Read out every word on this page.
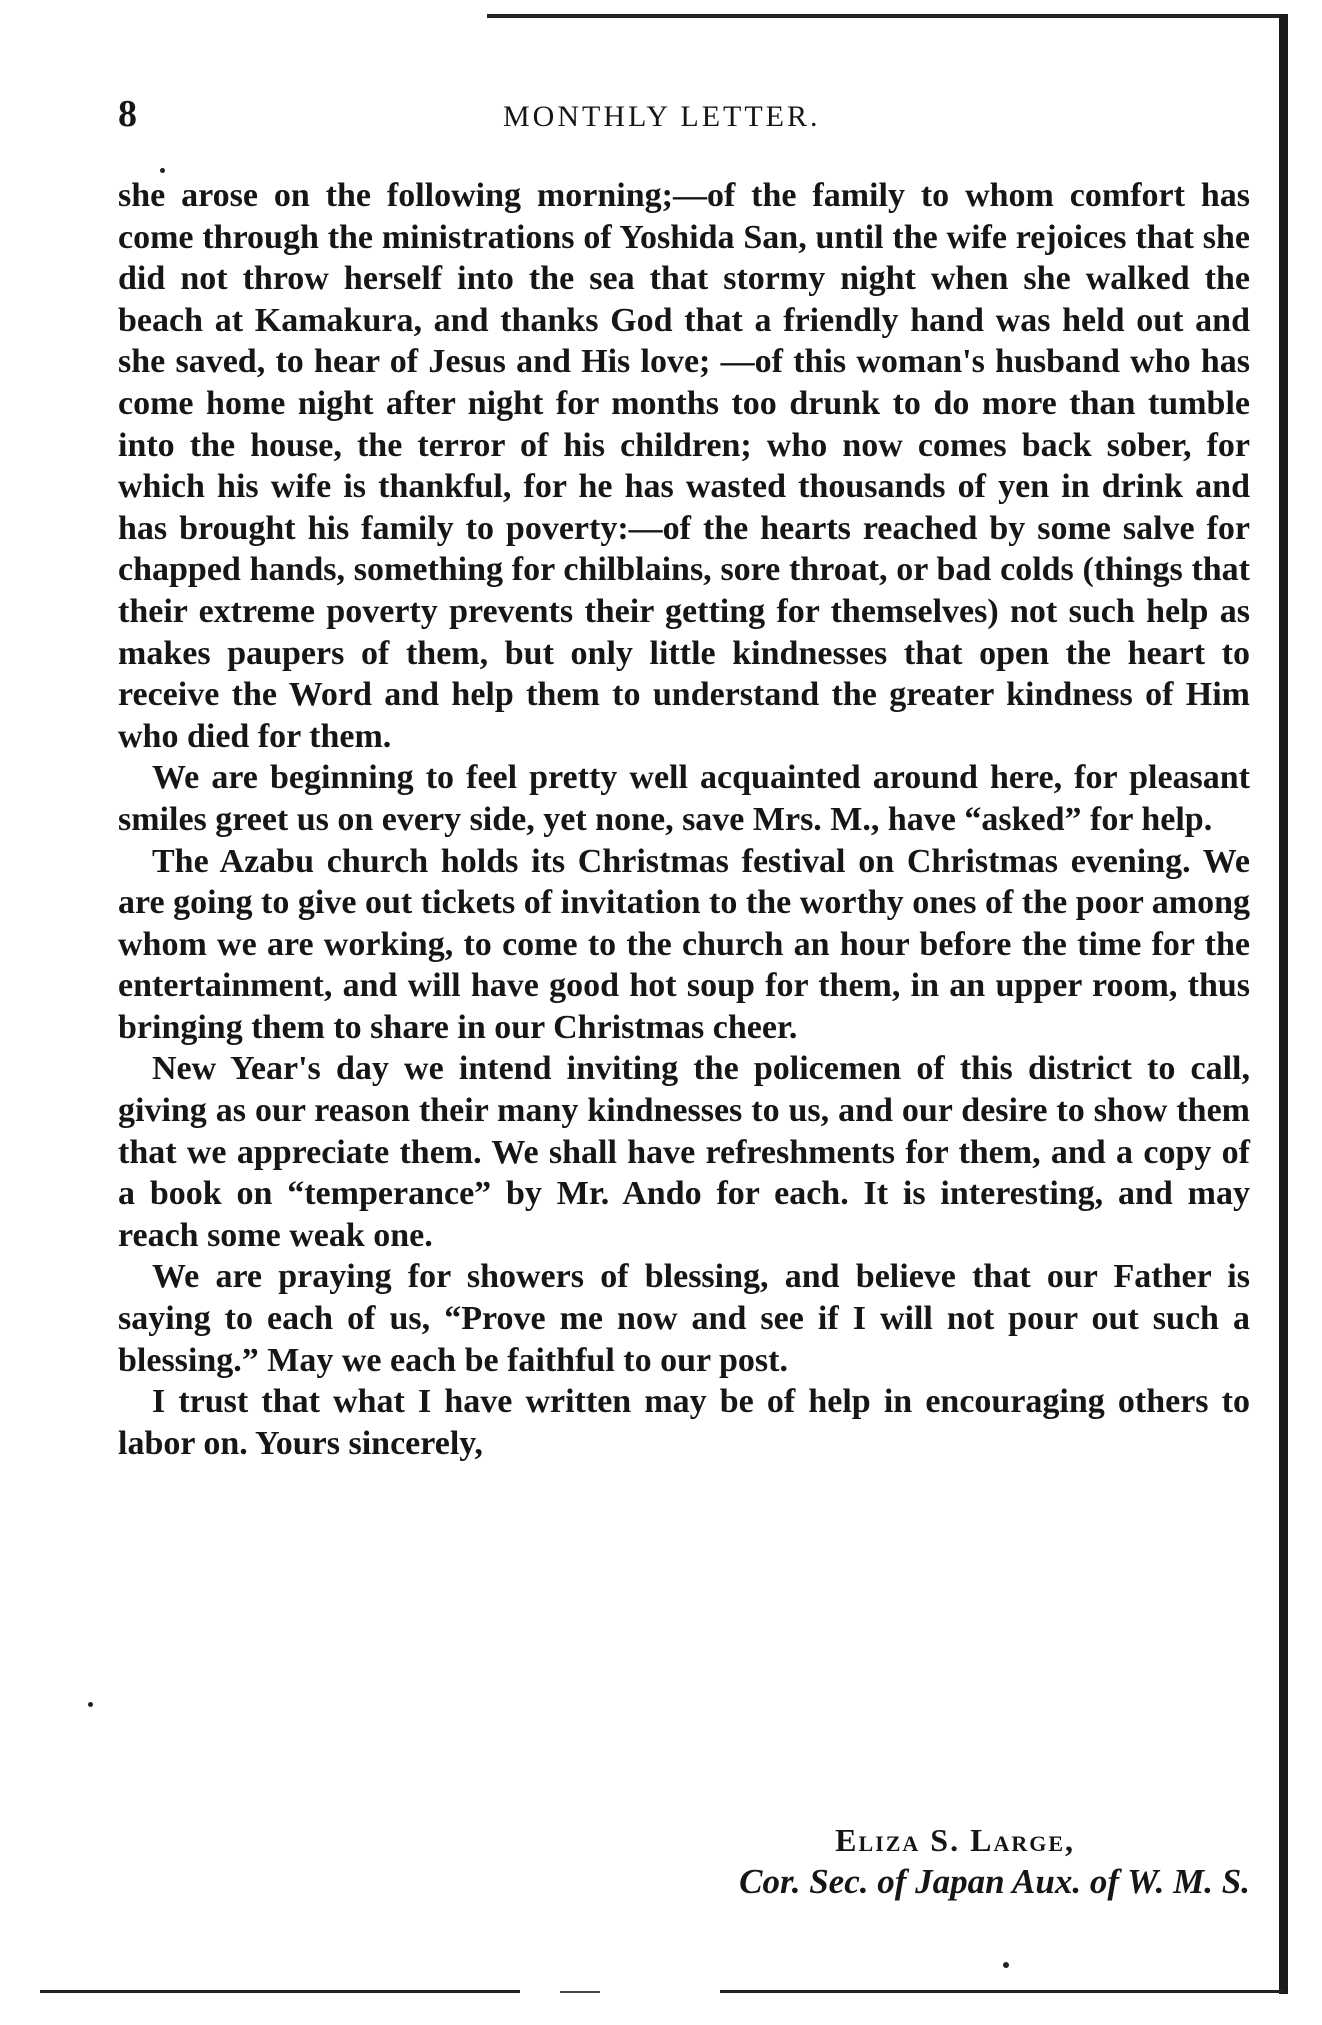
8	MONTHLY LETTER.

she arose on the following morning;—of the family to whom comfort has come through the ministrations of Yoshida San, until the wife rejoices that she did not throw herself into the sea that stormy night when she walked the beach at Kamakura, and thanks God that a friendly hand was held out and she saved, to hear of Jesus and His love; —of this woman's husband who has come home night after night for months too drunk to do more than tumble into the house, the terror of his children; who now comes back sober, for which his wife is thankful, for he has wasted thousands of yen in drink and has brought his family to poverty:—of the hearts reached by some salve for chapped hands, something for chilblains, sore throat, or bad colds (things that their extreme poverty prevents their getting for themselves) not such help as makes paupers of them, but only little kindnesses that open the heart to receive the Word and help them to understand the greater kindness of Him who died for them.

We are beginning to feel pretty well acquainted around here, for pleasant smiles greet us on every side, yet none, save Mrs. M., have “asked” for help.

The Azabu church holds its Christmas festival on Christmas evening. We are going to give out tickets of invitation to the worthy ones of the poor among whom we are working, to come to the church an hour before the time for the entertainment, and will have good hot soup for them, in an upper room, thus bringing them to share in our Christmas cheer.

New Year's day we intend inviting the policemen of this district to call, giving as our reason their many kindnesses to us, and our desire to show them that we appreciate them. We shall have refreshments for them, and a copy of a book on “temperance” by Mr. Ando for each. It is interesting, and may reach some weak one.

We are praying for showers of blessing, and believe that our Father is saying to each of us, “Prove me now and see if I will not pour out such a blessing.” May we each be faithful to our post.

I trust that what I have written may be of help in encouraging others to labor on. Yours sincerely,

Eliza S. Large,
Cor. Sec. of Japan Aux. of W. M. S.
